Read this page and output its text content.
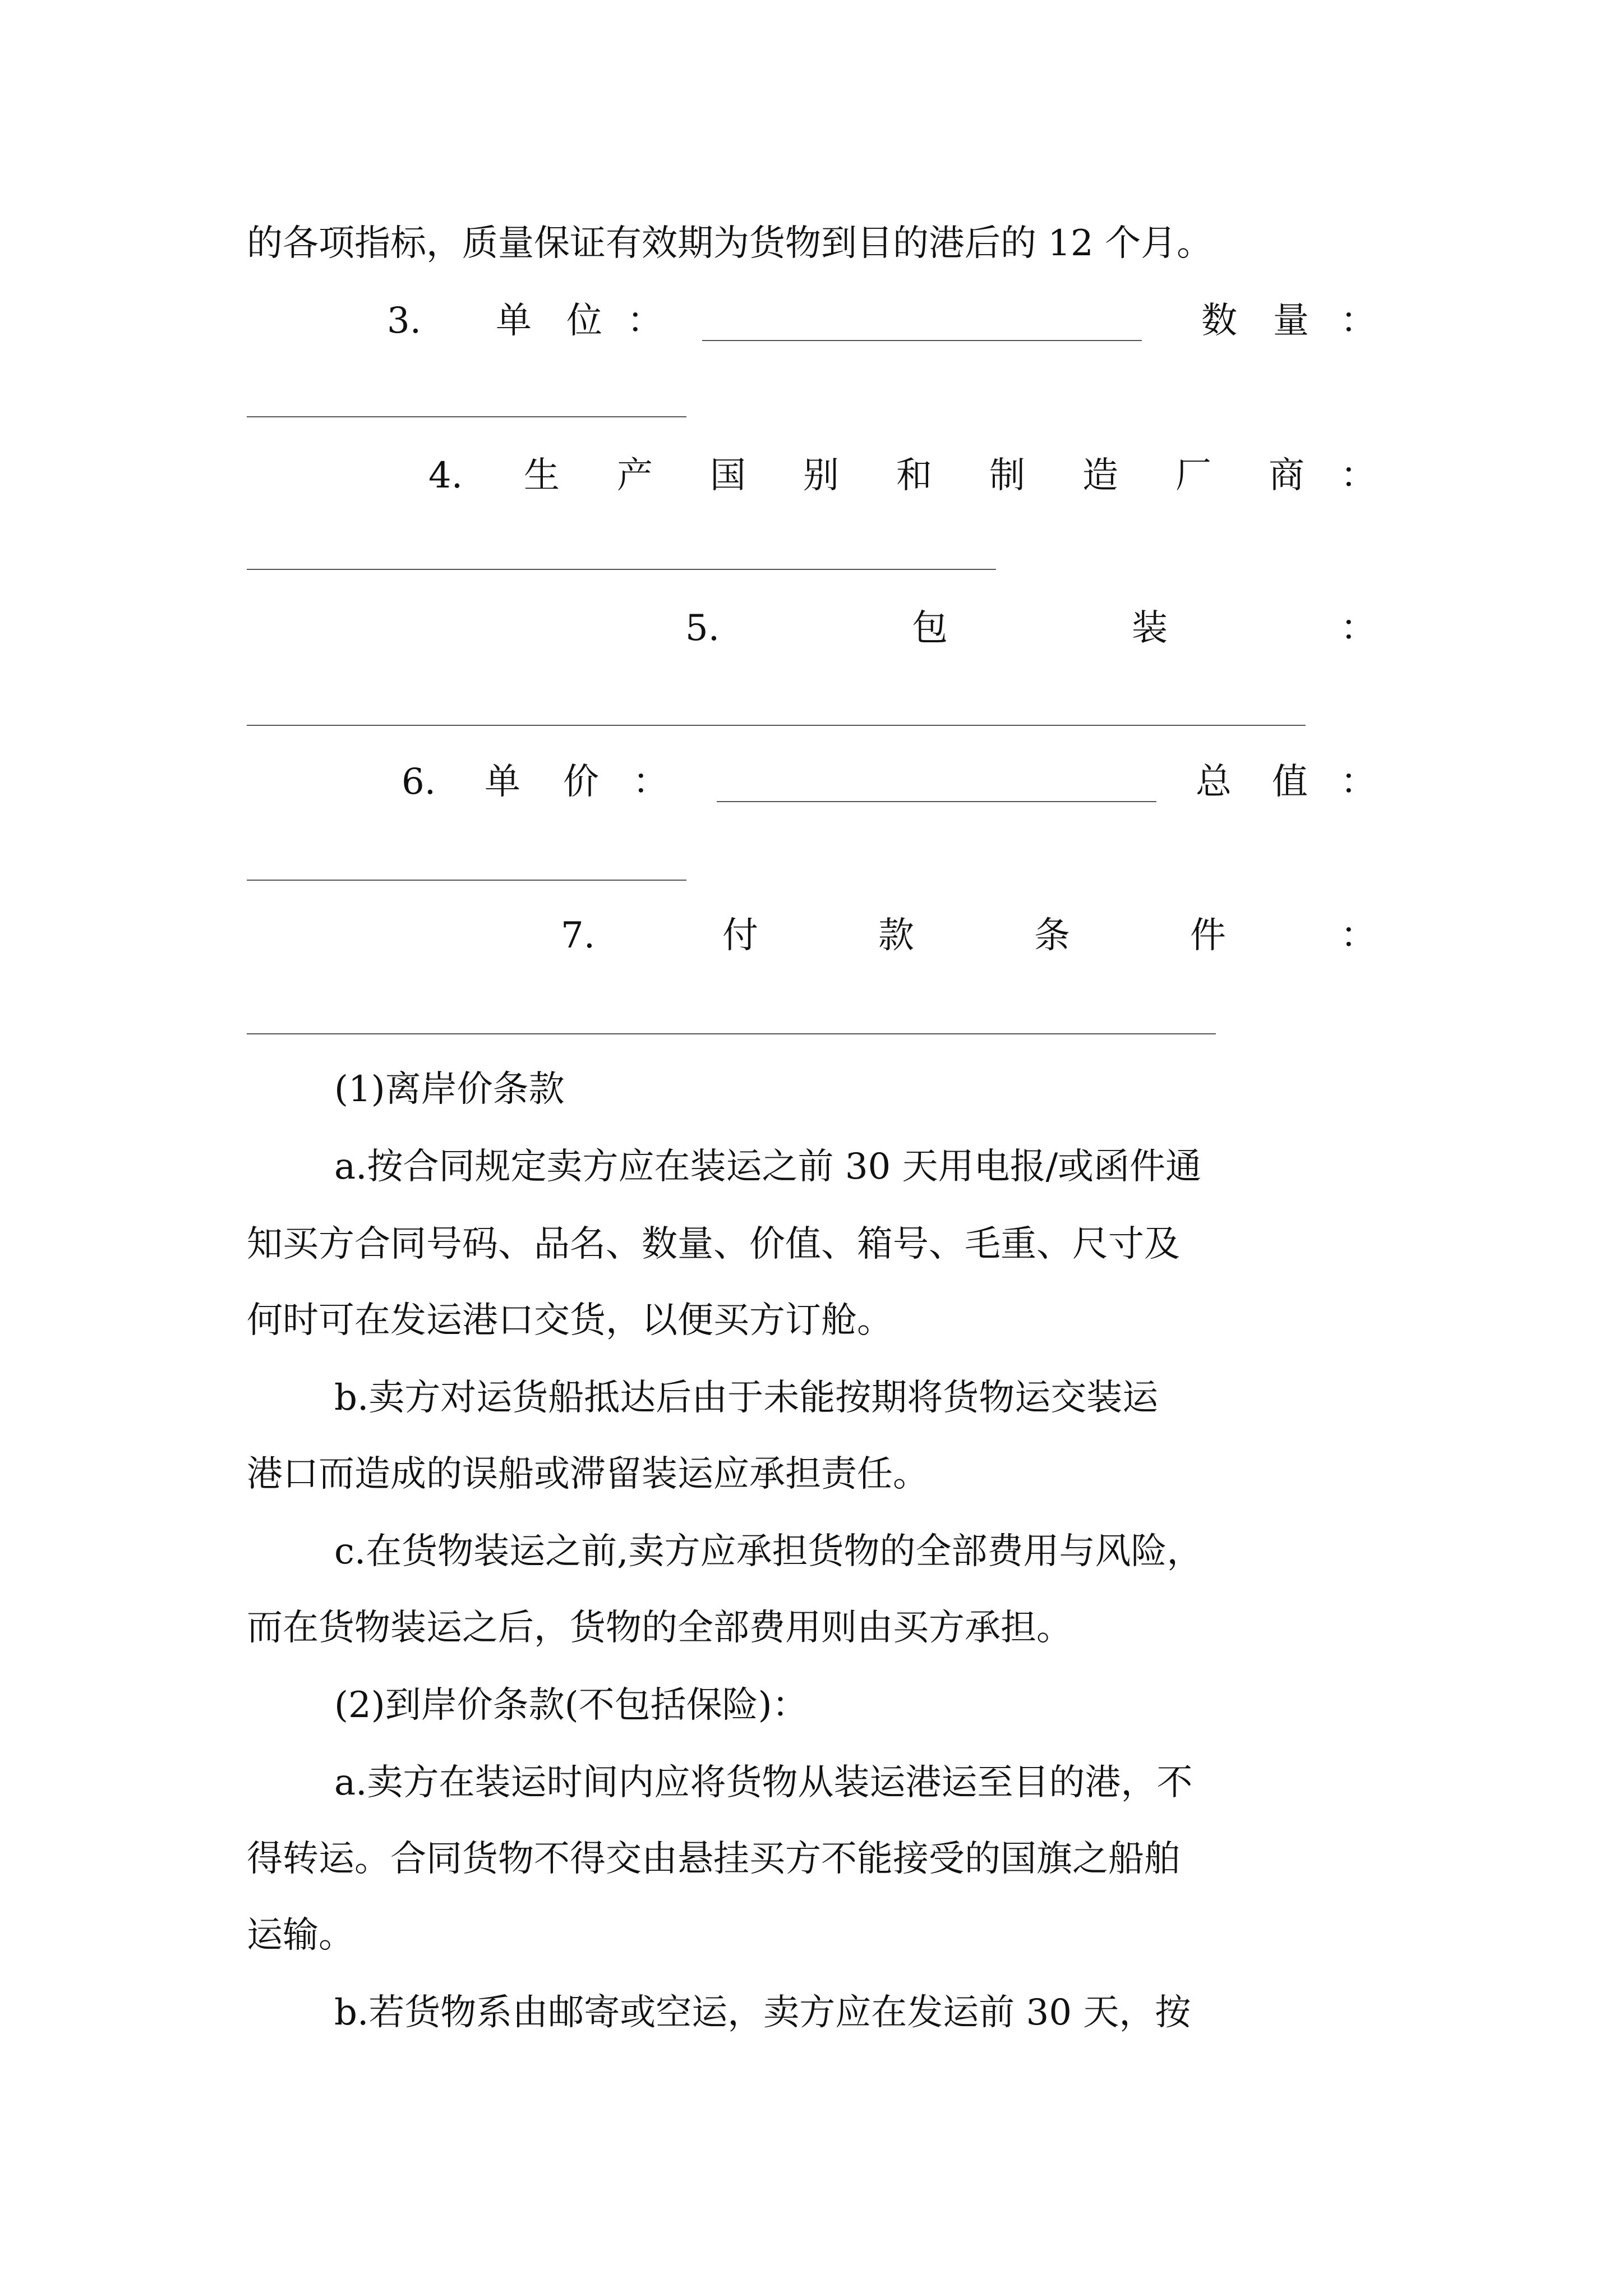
的各项指标，质量保证有效期为货物到目的港后的 12 个月。
3. 单 位 ：	数 量 ：
4. 生 产 国 别 和 制 造 厂 商 ：
5.	包	装	：
6. 单 价 ：	总 值 ：
7.	付	款	条	件	：
(1)离岸价条款
a.按合同规定卖方应在装运之前 30 天用电报/或函件通
知买方合同号码、品名、数量、价值、箱号、毛重、尺寸及
何时可在发运港口交货，以便买方订舱。
b.卖方对运货船抵达后由于未能按期将货物运交装运
港口而造成的误船或滞留装运应承担责任。
c.在货物装运之前,卖方应承担货物的全部费用与风险，
而在货物装运之后，货物的全部费用则由买方承担。
(2)到岸价条款(不包括保险)：
a.卖方在装运时间内应将货物从装运港运至目的港，不
得转运。合同货物不得交由悬挂买方不能接受的国旗之船舶
运输。
b.若货物系由邮寄或空运，卖方应在发运前 30 天，按
